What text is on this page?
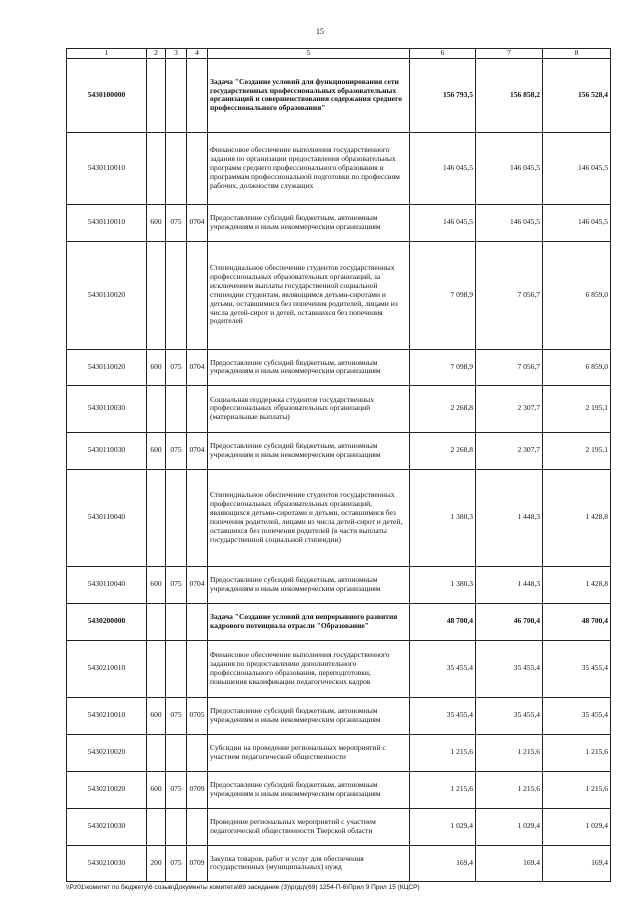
15
1	2	3	4	5	6	7	8
5430100000				Задача "Создание условий для функционирования сети государственных профессиональных образовательных организаций и совершенствования содержания среднего профессионального образования"	156 793,5	156 858,2	156 528,4
5430110010				Финансовое обеспечение выполнения государственного задания по организации предоставления образовательных программ среднего профессионального образования и программам профессиональной подготовки по профессиям рабочих, должностям служащих	146 045,5	146 045,5	146 045,5
5430110010	600	075	0704	Предоставление субсидий бюджетным, автономным учреждениям и иным некоммерческим организациям	146 045,5	146 045,5	146 045,5
5430110020				Стипендиальное обеспечение студентов государственных профессиональных образовательных организаций, за исключением выплаты государственной социальной стипендии студентам, являющимся детьми-сиротами и детьми, оставшимися без попечения родителей, лицами из числа детей-сирот и детей, оставшихся без попечения родителей	7 098,9	7 056,7	6 859,0
5430110020	600	075	0704	Предоставление субсидий бюджетным, автономным учреждениям и иным некоммерческим организациям	7 098,9	7 056,7	6 859,0
5430110030				Социальная поддержка студентов государственных профессиональных образовательных организаций (материальные выплаты)	2 268,8	2 307,7	2 195,1
5430110030	600	075	0704	Предоставление субсидий бюджетным, автономным учреждениям и иным некоммерческим организациям	2 268,8	2 307,7	2 195,1
5430110040				Стипендиальное обеспечение студентов государственных профессиональных образовательных организаций, являющихся детьми-сиротами и детьми, оставшимися без попечения родителей, лицами из числа детей-сирот и детей, оставшихся без попечения родителей (в части выплаты государственной социальной стипендии)	1 380,3	1 448,3	1 428,8
5430110040	600	075	0704	Предоставление субсидий бюджетным, автономным учреждениям и иным некоммерческим организациям	1 380,3	1 448,3	1 428,8
5430200000				Задача "Создание условий для непрерывного развития кадрового потенциала отрасли "Образование"	48 700,4	46 700,4	48 700,4
5430210010				Финансовое обеспечение выполнения государственного задания по предоставлению дополнительного профессионального образования, переподготовки, повышения квалификации педагогических кадров	35 455,4	35 455,4	35 455,4
5430210010	600	075	0705	Предоставление субсидий бюджетным, автономным учреждениям и иным некоммерческим организациям	35 455,4	35 455,4	35 455,4
5430210020				Субсидии на проведение региональных мероприятий с участием педагогической общественности	1 215,6	1 215,6	1 215,6
5430210020	600	075	0709	Предоставление субсидий бюджетным, автономным учреждениям и иным некоммерческим организациям	1 215,6	1 215,6	1 215,6
5430210030				Проведение региональных мероприятий с участием педагогической общественности Тверской области	1 029,4	1 029,4	1 029,4
5430210030	200	075	0709	Закупка товаров, работ и услуг для обеспечения государственных (муниципальных) нужд	169,4	169,4	169,4
\\Pz01\комитет по бюджету\6 созыв\Документы комитета\69 заседание (3)\ргдц\(69) 1254-П-6\Прил 9 Прил 15 (КЦСР)
